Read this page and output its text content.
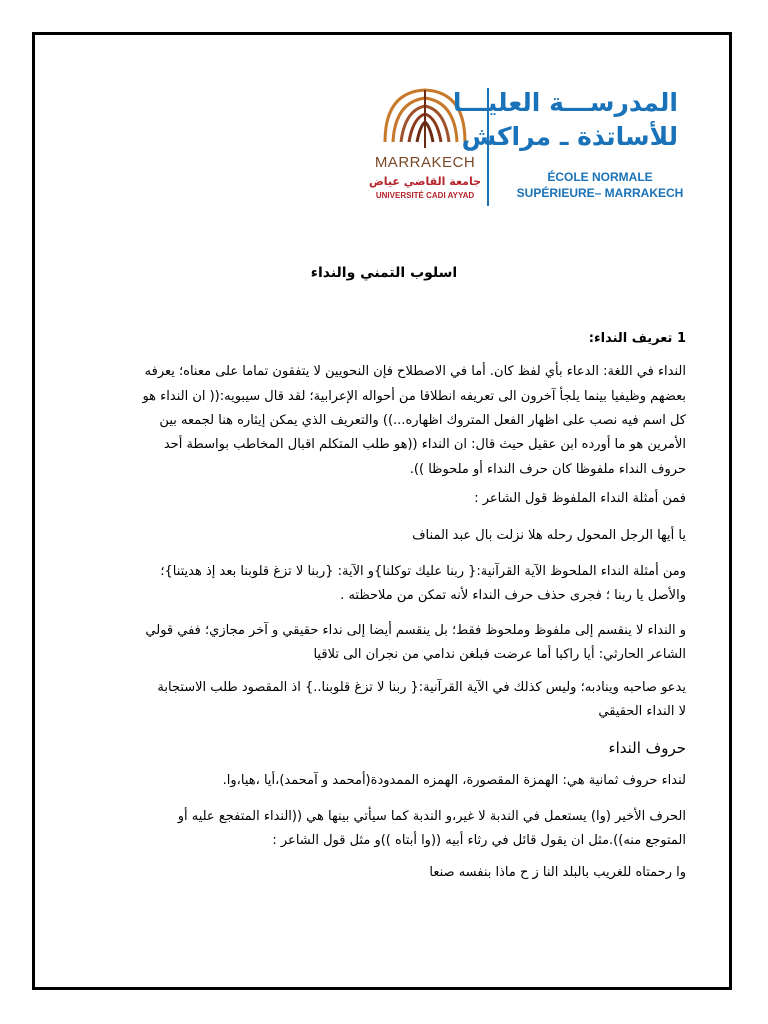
MARRAKECH
جامعة القاضي عياض
UNIVERSITÉ CADI AYYAD
المدرســـة العليـــا
للأساتذة ـ مراكش
ÉCOLE NORMALE
SUPÉRIEURE– MARRAKECH
اسلوب التمني والنداء
1 تعريف النداء:
النداء في اللغة: الدعاء بأي لفظ كان. أما في الاصطلاح فإن النحويين لا يتفقون تماما على معناه؛ يعرفه
بعضهم وظيفيا بينما يلجأ آخرون الى تعريفه انطلاقا من أحواله الإعرابية؛ لقد قال سيبويه:(( ان النداء هو
كل اسم فيه نصب على اظهار الفعل المتروك اظهاره...)) والتعريف الذي يمكن إيثاره هنا لجمعه بين
الأمرين هو ما أورده ابن عقيل حيث قال: ان النداء ((هو طلب المتكلم اقبال المخاطب بواسطة أحد
حروف النداء ملفوظا كان حرف النداء أو ملحوظا )).
فمن أمثلة النداء الملفوظ قول الشاعر :
يا أيها الرجل المحول رحله هلا نزلت بال عبد المناف
ومن أمثلة النداء الملحوظ الآية القرآنية:{ ربنا عليك توكلنا}و الآية: {ربنا لا تزغ قلوبنا بعد إذ هديتنا}؛
والأصل يا ربنا ؛ فجرى حذف حرف النداء لأنه تمكن من ملاحظته .
و النداء لا ينقسم إلى ملفوظ وملحوظ فقط؛ بل ينقسم أيضا إلى نداء حقيقي و آخر مجازي؛ ففي قولي
الشاعر الحارثي: أيا راكبا أما عرضت فبلغن ندامي من نجران الى تلاقيا
يدعو صاحبه وينادبه؛ وليس كذلك في الآية القرآنية:{ ربنا لا تزغ قلوبنا..} اذ المقصود طلب الاستجابة
لا النداء الحقيقي
حروف النداء
لنداء حروف ثمانية هي: الهمزة المقصورة، الهمزه الممدودة(أمحمد و آمحمد)،أيا ،هيا،وا.
الحرف الأخير (وا) يستعمل في الندبة لا غير،و الندبة كما سيأتي بينها هي ((النداء المتفجع عليه أو
المتوجع منه)).مثل ان يقول قائل في رثاء أبيه ((وا أبتاه ))و مثل قول الشاعر :
وا رحمتاه للغريب بالبلد النا ز ح ماذا بنفسه صنعا
